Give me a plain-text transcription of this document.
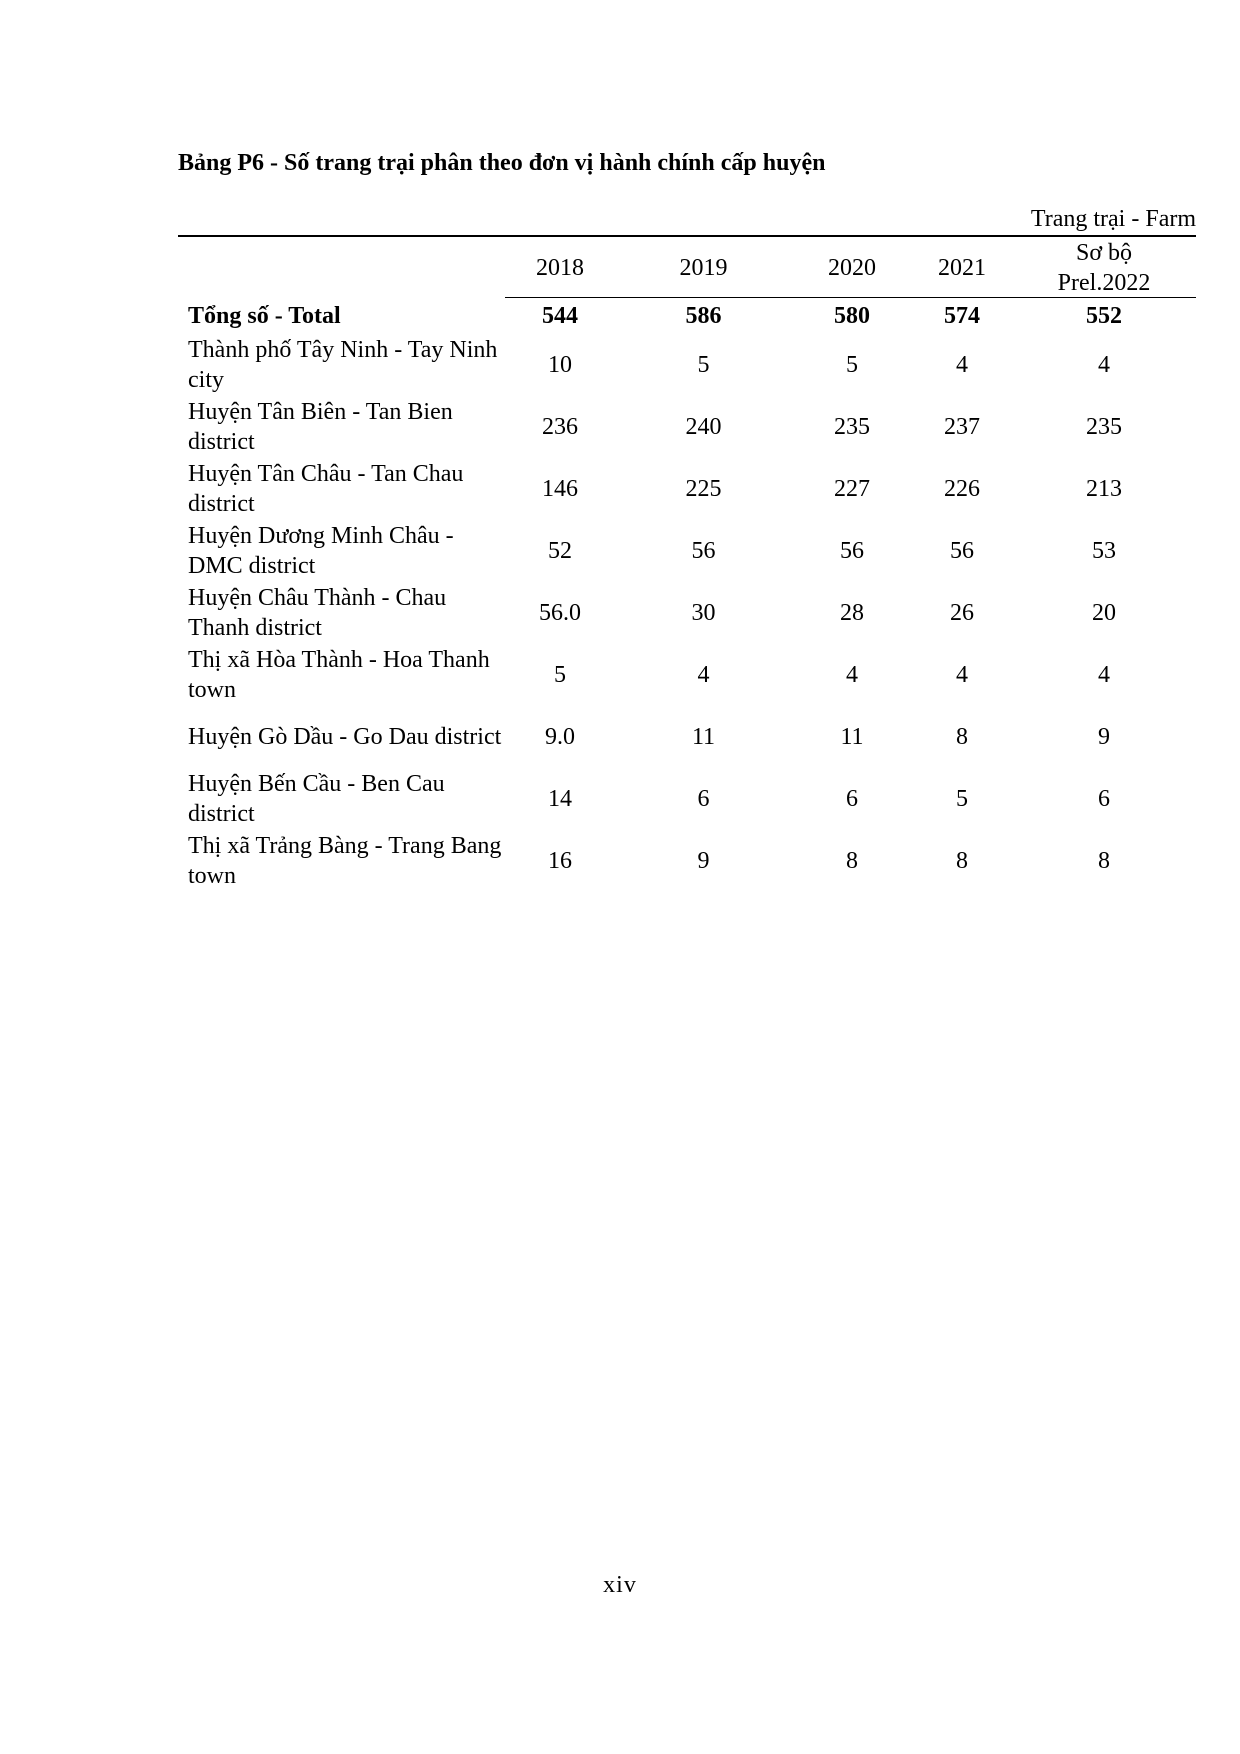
Bảng P6 - Số trang trại phân theo đơn vị hành chính cấp huyện
Trang trại - Farm
	2018	2019	2020	2021	Sơ bộ
Prel.2022
Tổng số - Total	544	586	580	574	552
Thành phố Tây Ninh - Tay Ninh city	10	5	5	4	4
Huyện Tân Biên - Tan Bien district	236	240	235	237	235
Huyện Tân Châu - Tan Chau district	146	225	227	226	213
Huyện Dương Minh Châu - DMC district	52	56	56	56	53
Huyện Châu Thành - Chau Thanh district	56.0	30	28	26	20
Thị xã Hòa Thành - Hoa Thanh town	5	4	4	4	4
Huyện Gò Dầu - Go Dau district	9.0	11	11	8	9
Huyện Bến Cầu - Ben Cau district	14	6	6	5	6
Thị xã Trảng Bàng - Trang Bang town	16	9	8	8	8
xiv
